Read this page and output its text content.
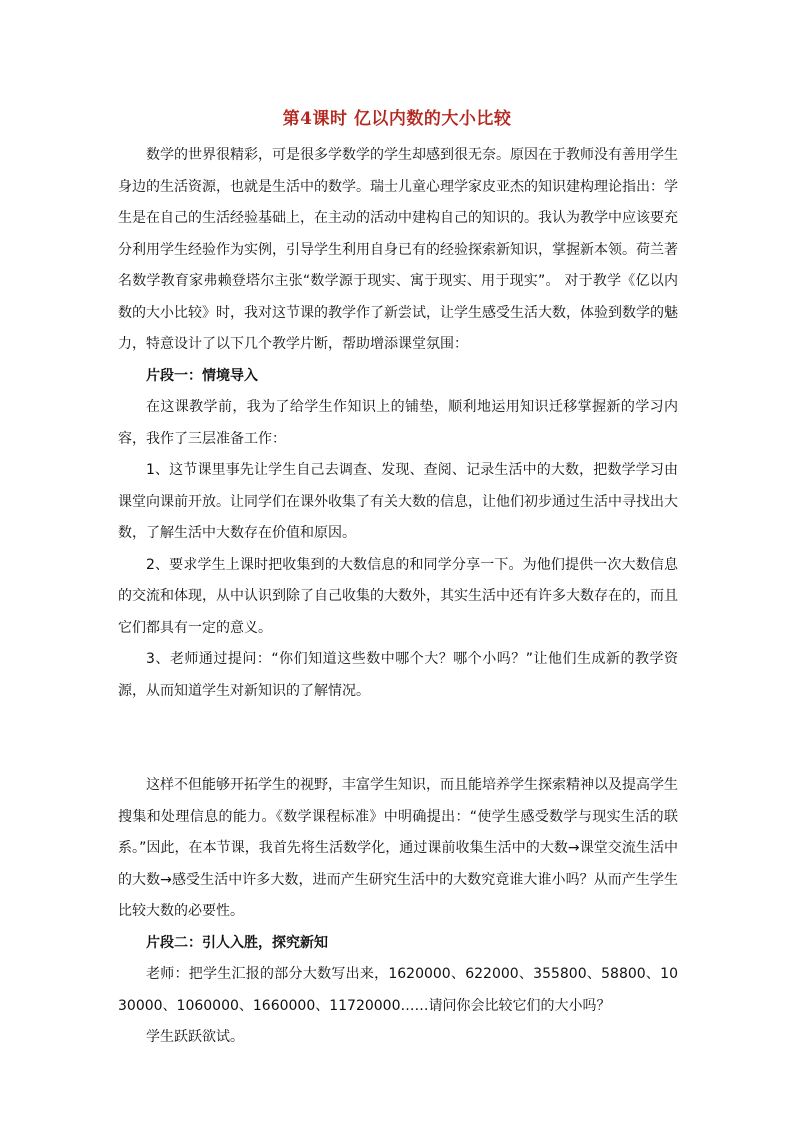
第4课时 亿以内数的大小比较

数学的世界很精彩，可是很多学数学的学生却感到很无奈。原因在于教师没有善用学生身边的生活资源，也就是生活中的数学。瑞士儿童心理学家皮亚杰的知识建构理论指出：学生是在自己的生活经验基础上，在主动的活动中建构自己的知识的。我认为教学中应该要充分利用学生经验作为实例，引导学生利用自身已有的经验探索新知识，掌握新本领。荷兰著名数学教育家弗赖登塔尔主张“数学源于现实、寓于现实、用于现实”。 对于教学《亿以内数的大小比较》时，我对这节课的教学作了新尝试，让学生感受生活大数，体验到数学的魅力，特意设计了以下几个教学片断，帮助增添课堂氛围：

片段一：情境导入

在这课教学前，我为了给学生作知识上的铺垫，顺利地运用知识迁移掌握新的学习内容，我作了三层准备工作：

1、这节课里事先让学生自己去调查、发现、查阅、记录生活中的大数，把数学学习由课堂向课前开放。让同学们在课外收集了有关大数的信息，让他们初步通过生活中寻找出大数，了解生活中大数存在价值和原因。

2、要求学生上课时把收集到的大数信息的和同学分享一下。为他们提供一次大数信息的交流和体现，从中认识到除了自己收集的大数外，其实生活中还有许多大数存在的，而且它们都具有一定的意义。

3、老师通过提问：“你们知道这些数中哪个大？哪个小吗？”让他们生成新的教学资源，从而知道学生对新知识的了解情况。

这样不但能够开拓学生的视野，丰富学生知识，而且能培养学生探索精神以及提高学生搜集和处理信息的能力。《数学课程标准》中明确提出：“使学生感受数学与现实生活的联系。”因此，在本节课，我首先将生活数学化，通过课前收集生活中的大数→课堂交流生活中的大数→感受生活中许多大数，进而产生研究生活中的大数究竟谁大谁小吗？从而产生学生比较大数的必要性。

片段二：引人入胜，探究新知

老师：把学生汇报的部分大数写出来，1620000、622000、355800、58800、1030000、1060000、1660000、11720000……请问你会比较它们的大小吗？

学生跃跃欲试。
